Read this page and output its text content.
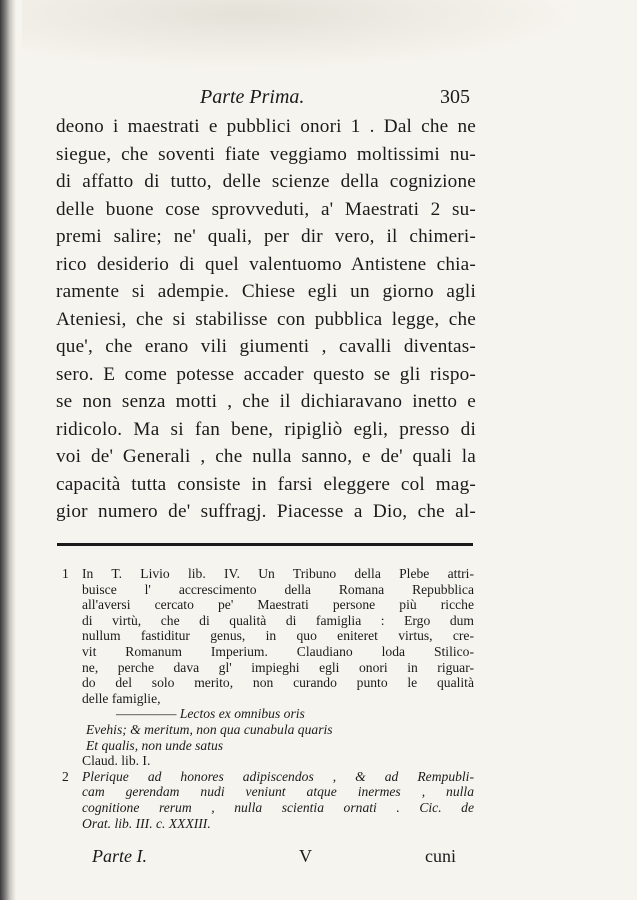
Parte Prima.	305
deono i maestrati e pubblici onori 1 . Dal che ne
siegue, che soventi fiate veggiamo moltissimi nu-
di affatto di tutto, delle scienze della cognizione
delle buone cose sprovveduti, a' Maestrati 2 su-
premi salire; ne' quali, per dir vero, il chimeri-
rico desiderio di quel valentuomo Antistene chia-
ramente si adempie. Chiese egli un giorno agli
Ateniesi, che si stabilisse con pubblica legge, che
que', che erano vili giumenti , cavalli diventas-
sero. E come potesse accader questo se gli rispo-
se non senza motti , che il dichiaravano inetto e
ridicolo. Ma si fan bene, ripigliò egli, presso di
voi de' Generali , che nulla sanno, e de' quali la
capacità tutta consiste in farsi eleggere col mag-
gior numero de' suffragj. Piacesse a Dio, che al-
1 In T. Livio lib. IV. Un Tribuno della Plebe attri-
buisce l' accrescimento della Romana Repubblica
all'aversi cercato pe' Maestrati persone più ricche
di virtù, che di qualità di famiglia : Ergo dum
nullum fastiditur genus, in quo eniteret virtus, cre-
vit Romanum Imperium. Claudiano loda Stilico-
ne, perche dava gl' impieghi egli onori in riguar-
do del solo merito, non curando punto le qualità
delle famiglie,
————— Lectos ex omnibus oris
Evehis; & meritum, non qua cunabula quaris
Et qualis, non unde satus
Claud. lib. I.
2 Plerique ad honores adipiscendos , & ad Rempubli-
cam gerendam nudi veniunt atque inermes , nulla
cognitione rerum , nulla scientia ornati . Cic. de
Orat. lib. III. c. XXXIII.
Parte I.	V	cuni
